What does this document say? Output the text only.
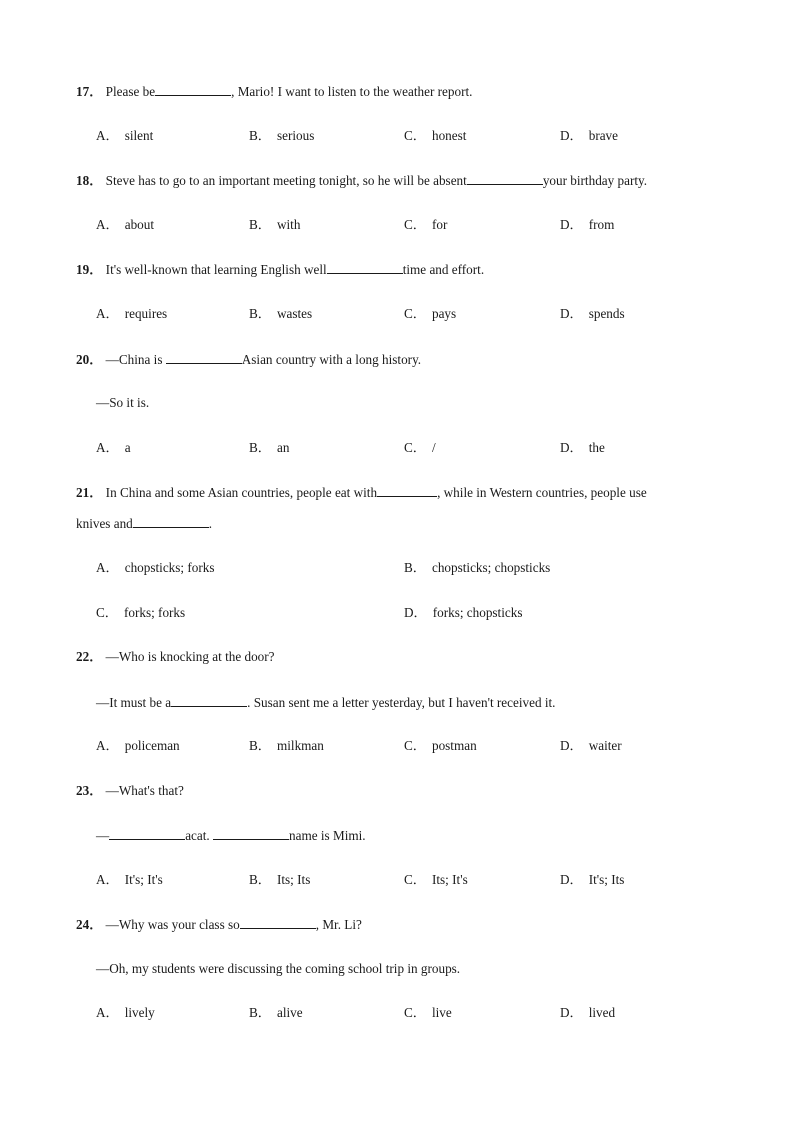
17． Please be	, Mario! I want to listen to the weather report.
A． silent	B． serious	C． honest	D． brave
18． Steve has to go to an important meeting tonight, so he will be absent	your birthday party.
A． about	B． with	C． for	D． from
19． It's well-known that learning English well	time and effort.
A． requires	B． wastes	C． pays	D． spends
20． —China is	Asian country with a long history.
—So it is.
A． a	B． an	C． /	D． the
21． In China and some Asian countries, people eat with	, while in Western countries, people use
knives and	.
A． chopsticks; forks	B． chopsticks; chopsticks
C． forks; forks	D． forks; chopsticks
22． —Who is knocking at the door?
—It must be a	. Susan sent me a letter yesterday, but I haven't received it.
A． policeman	B． milkman	C． postman	D． waiter
23． —What's that?
—	acat.	name is Mimi.
A． It's; It's	B． Its; Its	C． Its; It's	D． It's; Its
24． —Why was your class so	, Mr. Li?
—Oh, my students were discussing the coming school trip in groups.
A． lively	B． alive	C． live	D． lived
